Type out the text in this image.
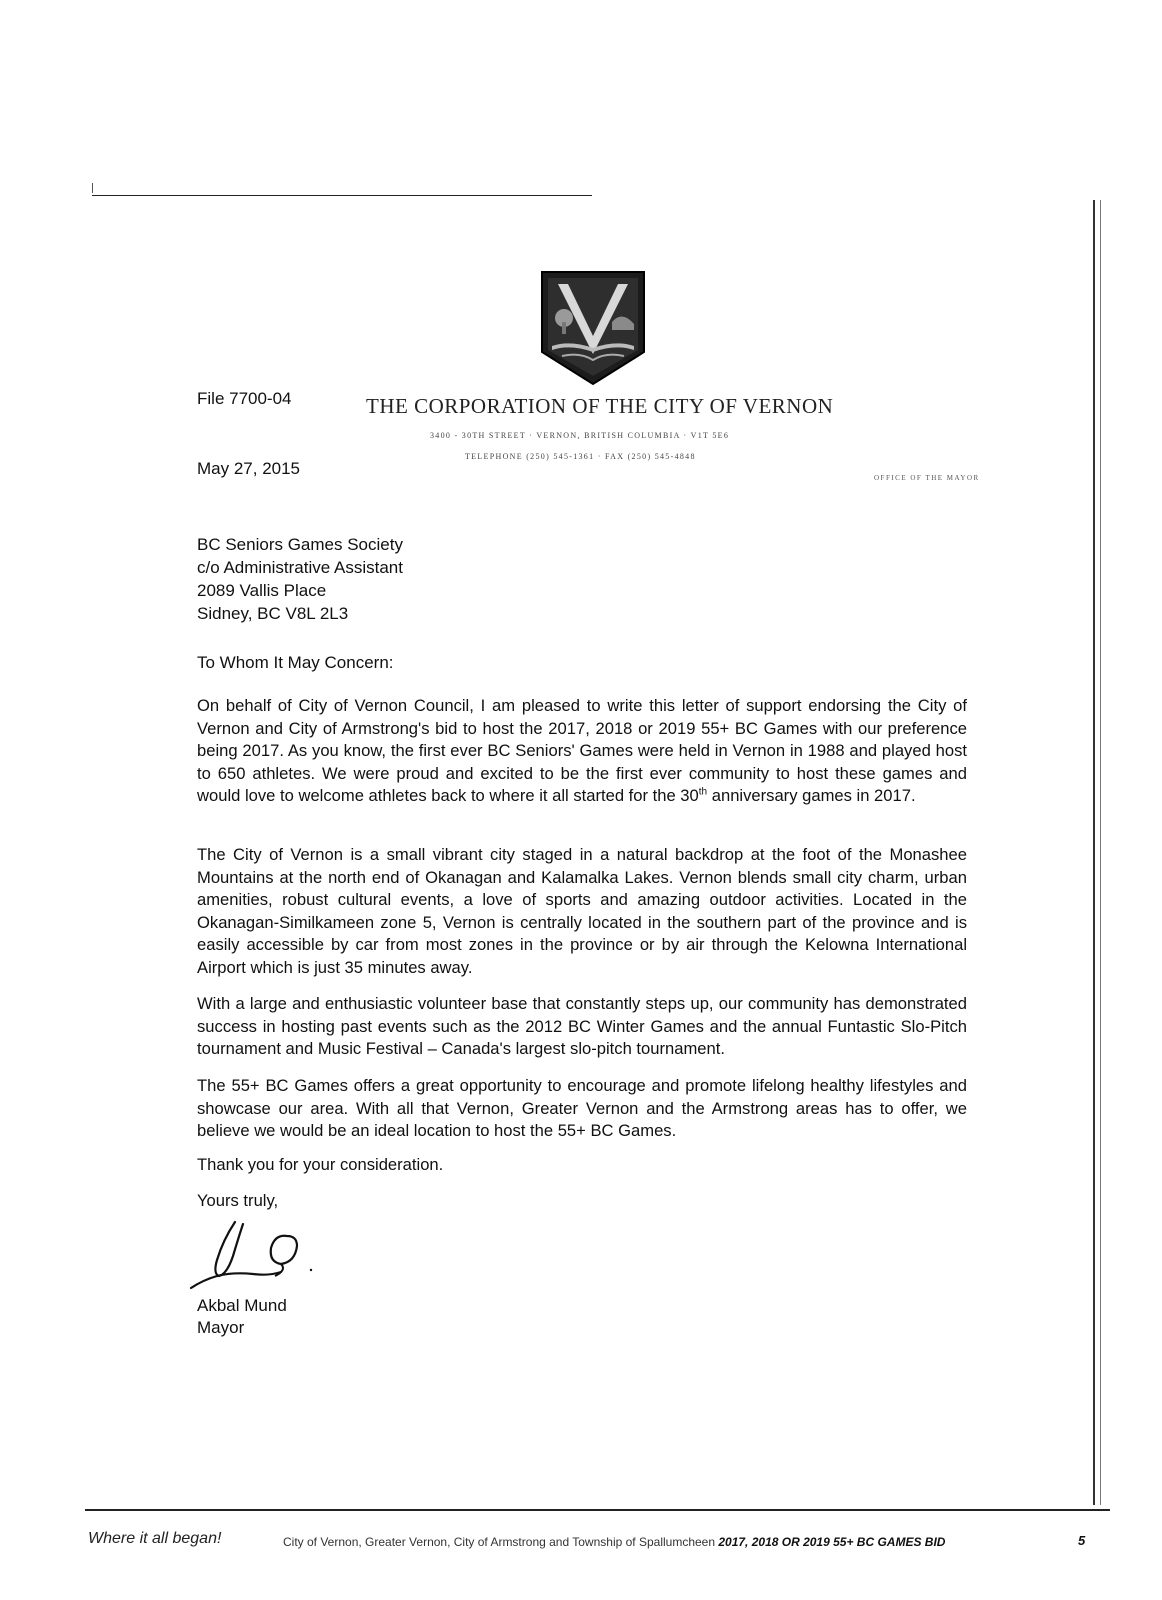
File 7700-04	THE CORPORATION OF THE CITY OF VERNON
3400 - 30TH STREET · VERNON, BRITISH COLUMBIA · V1T 5E6
TELEPHONE (250) 545-1361 · FAX (250) 545-4848
OFFICE OF THE MAYOR
May 27, 2015
BC Seniors Games Society
c/o Administrative Assistant
2089 Vallis Place
Sidney, BC V8L 2L3
To Whom It May Concern:
On behalf of City of Vernon Council, I am pleased to write this letter of support endorsing the City of Vernon and City of Armstrong's bid to host the 2017, 2018 or 2019 55+ BC Games with our preference being 2017. As you know, the first ever BC Seniors' Games were held in Vernon in 1988 and played host to 650 athletes. We were proud and excited to be the first ever community to host these games and would love to welcome athletes back to where it all started for the 30th anniversary games in 2017.
The City of Vernon is a small vibrant city staged in a natural backdrop at the foot of the Monashee Mountains at the north end of Okanagan and Kalamalka Lakes. Vernon blends small city charm, urban amenities, robust cultural events, a love of sports and amazing outdoor activities. Located in the Okanagan-Similkameen zone 5, Vernon is centrally located in the southern part of the province and is easily accessible by car from most zones in the province or by air through the Kelowna International Airport which is just 35 minutes away.
With a large and enthusiastic volunteer base that constantly steps up, our community has demonstrated success in hosting past events such as the 2012 BC Winter Games and the annual Funtastic Slo-Pitch tournament and Music Festival – Canada's largest slo-pitch tournament.
The 55+ BC Games offers a great opportunity to encourage and promote lifelong healthy lifestyles and showcase our area. With all that Vernon, Greater Vernon and the Armstrong areas has to offer, we believe we would be an ideal location to host the 55+ BC Games.
Thank you for your consideration.
Yours truly,
Akbal Mund
Mayor
Where it all began!	City of Vernon, Greater Vernon, City of Armstrong and Township of Spallumcheen 2017, 2018 OR 2019 55+ BC GAMES BID	5
